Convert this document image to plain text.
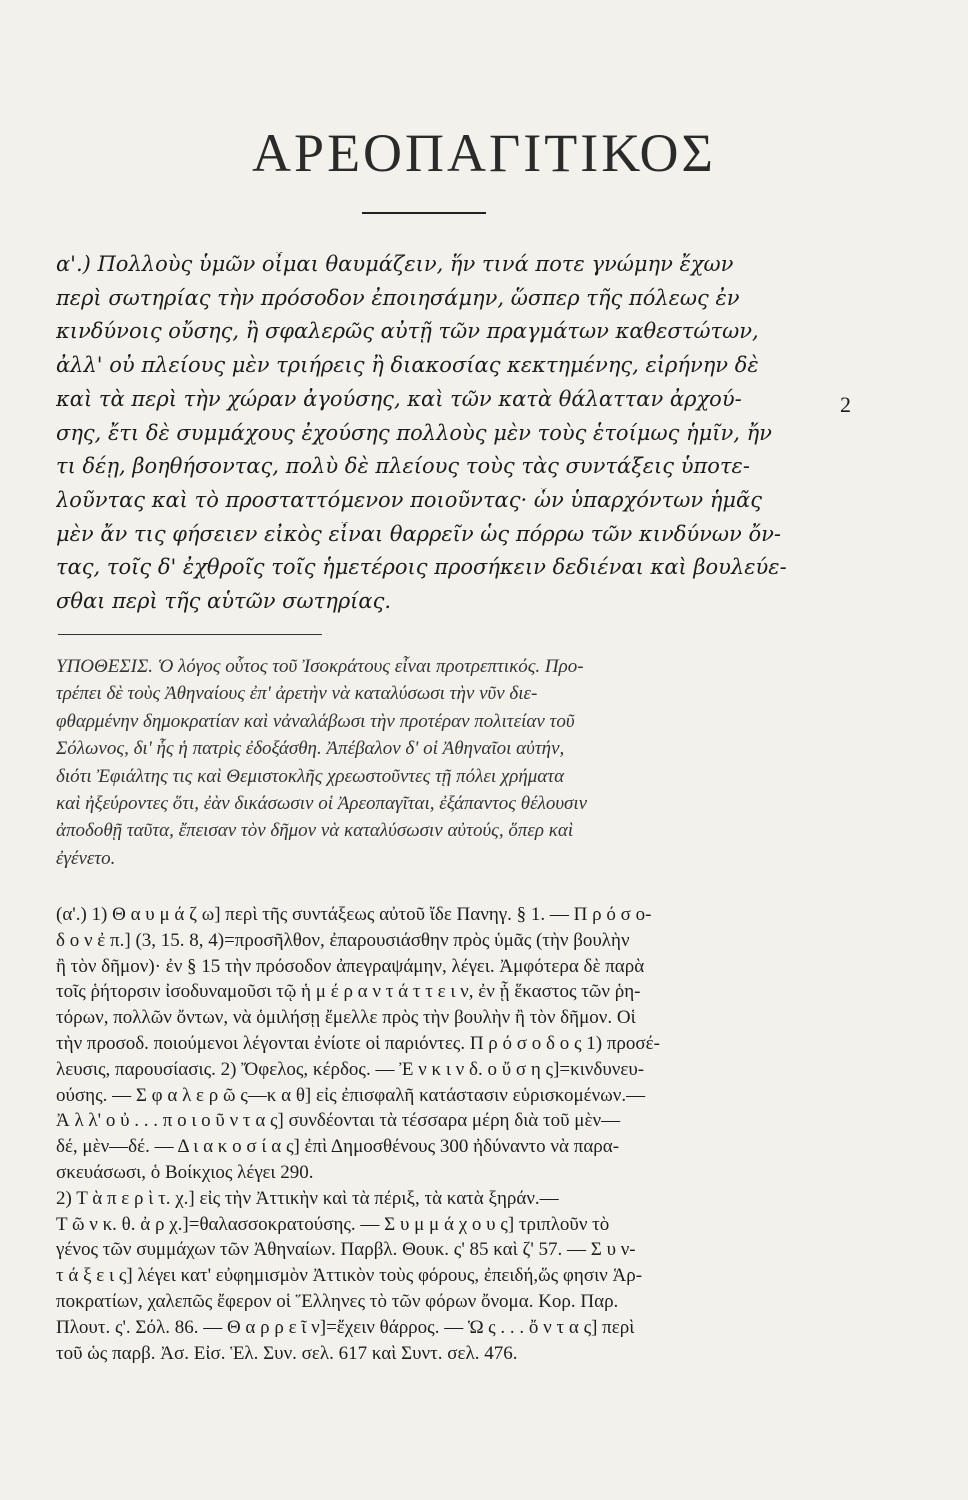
ΑΡΕΟΠΑΓΙΤΙΚΟΣ
α'.) Πολλοὺς ὑμῶν οἶμαι θαυμάζειν, ἥν τινά ποτε γνώμην ἔχων
περὶ σωτηρίας τὴν πρόσοδον ἐποιησάμην, ὥσπερ τῆς πόλεως ἐν
κινδύνοις οὔσης, ἢ σφαλερῶς αὐτῇ τῶν πραγμάτων καθεστώτων,
ἀλλ' οὐ πλείους μὲν τριήρεις ἢ διακοσίας κεκτημένης, εἰρήνην δὲ
καὶ τὰ περὶ τὴν χώραν ἀγούσης, καὶ τῶν κατὰ θάλατταν ἀρχού-
σης, ἔτι δὲ συμμάχους ἐχούσης πολλοὺς μὲν τοὺς ἑτοίμως ἡμῖν, ἤν
τι δέῃ, βοηθήσοντας, πολὺ δὲ πλείους τοὺς τὰς συντάξεις ὑποτε-
λοῦντας καὶ τὸ προσταττόμενον ποιοῦντας· ὧν ὑπαρχόντων ἡμᾶς
μὲν ἄν τις φήσειεν εἰκὸς εἶναι θαρρεῖν ὡς πόρρω τῶν κινδύνων ὄν-
τας, τοῖς δ' ἐχθροῖς τοῖς ἡμετέροις προσήκειν δεδιέναι καὶ βουλεύε-
σθαι περὶ τῆς αὑτῶν σωτηρίας.
2
ΥΠΟΘΕΣΙΣ. Ὁ λόγος οὗτος τοῦ Ἰσοκράτους εἶναι προτρεπτικός. Προ-
τρέπει δὲ τοὺς Ἀθηναίους ἐπ' ἀρετὴν νὰ καταλύσωσι τὴν νῦν διε-
φθαρμένην δημοκρατίαν καὶ νἀναλάβωσι τὴν προτέραν πολιτείαν τοῦ
Σόλωνος, δι' ἧς ἡ πατρὶς ἐδοξάσθη. Ἀπέβαλον δ' οἱ Ἀθηναῖοι αὐτήν,
διότι Ἐφιάλτης τις καὶ Θεμιστοκλῆς χρεωστοῦντες τῇ πόλει χρήματα
καὶ ἠξεύροντες ὅτι, ἐὰν δικάσωσιν οἱ Ἀρεοπαγῖται, ἐξάπαντος θέλουσιν
ἀποδοθῇ ταῦτα, ἔπεισαν τὸν δῆμον νὰ καταλύσωσιν αὐτούς, ὅπερ καὶ
ἐγένετο.
(α'.) 1) Θ α υ μ ά ζ ω] περὶ τῆς συντάξεως αὐτοῦ ἴδε Πανηγ. § 1. — Π ρ ό σ ο-
δ ο ν ἐ π.] (3, 15. 8, 4)=προσῆλθον, ἐπαρουσιάσθην πρὸς ὑμᾶς (τὴν βουλὴν
ἢ τὸν δῆμον)· ἐν § 15 τὴν πρόσοδον ἀπεγραψάμην, λέγει. Ἀμφότερα δὲ παρὰ
τοῖς ῥήτορσιν ἰσοδυναμοῦσι τῷ ἡ μ έ ρ α ν τ ά τ τ ε ι ν, ἐν ᾗ ἕκαστος τῶν ῥη-
τόρων, πολλῶν ὄντων, νὰ ὁμιλήσῃ ἔμελλε πρὸς τὴν βουλὴν ἢ τὸν δῆμον. Οἱ
τὴν προσοδ. ποιούμενοι λέγονται ἐνίοτε οἱ παριόντες. Π ρ ό σ ο δ ο ς 1) προσέ-
λευσις, παρουσίασις. 2) Ὄφελος, κέρδος. — Ἐ ν κ ι ν δ. ο ὔ σ η ς]=κινδυνευ-
ούσης. — Σ φ α λ ε ρ ῶ ς—κ α θ] εἰς ἐπισφαλῆ κατάστασιν εὑρισκομένων.—
Ἀ λ λ' ο ὐ . . . π ο ι ο ῦ ν τ α ς] συνδέονται τὰ τέσσαρα μέρη διὰ τοῦ μὲν—
δέ, μὲν—δέ. — Δ ι α κ ο σ ί α ς] ἐπὶ Δημοσθένους 300 ἠδύναντο νὰ παρα-
σκευάσωσι, ὁ Βοίκχιος λέγει 290.
2) Τ ὰ π ε ρ ὶ τ. χ.] εἰς τὴν Ἀττικὴν καὶ τὰ πέριξ, τὰ κατὰ ξηράν.—
Τ ῶ ν κ. θ. ἀ ρ χ.]=θαλασσοκρατούσης. — Σ υ μ μ ά χ ο υ ς] τριπλοῦν τὸ
γένος τῶν συμμάχων τῶν Ἀθηναίων. Παρβλ. Θουκ. ς' 85 καὶ ζ' 57. — Σ υ ν-
τ ά ξ ε ι ς] λέγει κατ' εὐφημισμὸν Ἀττικὸν τοὺς φόρους, ἐπειδή,ὥς φησιν Ἁρ-
ποκρατίων, χαλεπῶς ἔφερον οἱ Ἕλληνες τὸ τῶν φόρων ὄνομα. Κορ. Παρ.
Πλουτ. ς'. Σόλ. 86. — Θ α ρ ρ ε ῖ ν]=ἔχειν θάρρος. — Ὡ ς . . . ὄ ν τ α ς] περὶ
τοῦ ὡς παρβ. Ἀσ. Εἰσ. Ἑλ. Συν. σελ. 617 καὶ Συντ. σελ. 476.
